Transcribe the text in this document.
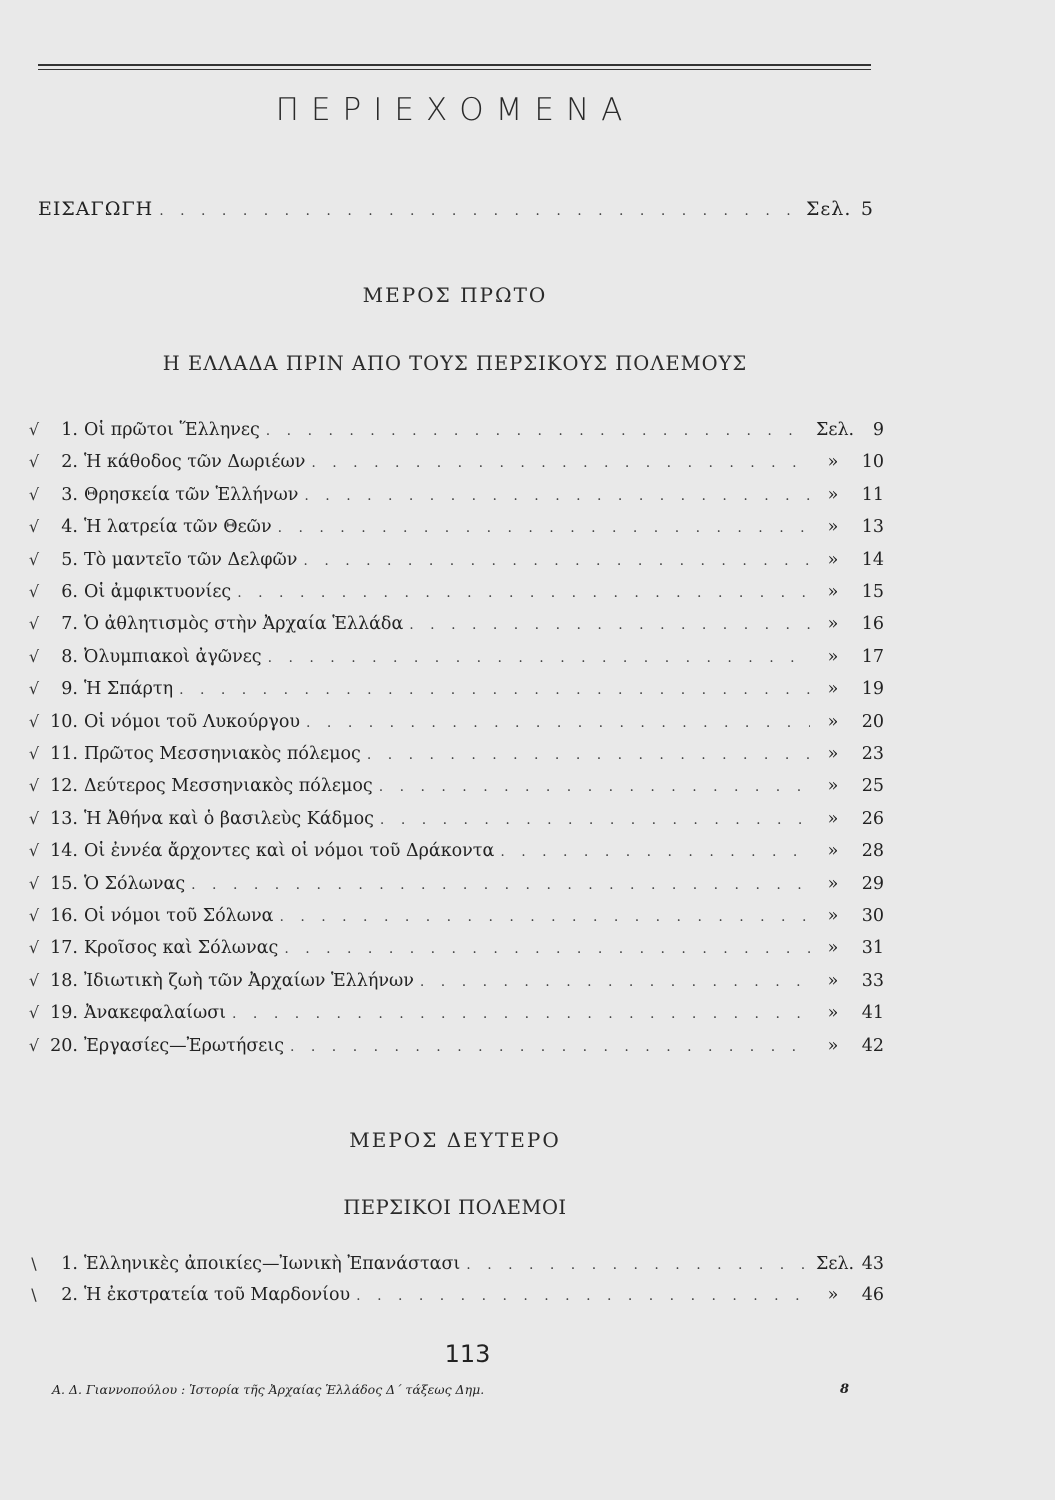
ΠΕΡΙΕΧΟΜΕΝΑ
ΕΙΣΑΓΩΓΗ . . .	Σελ. 5
ΜΕΡΟΣ ΠΡΩΤΟ
Η ΕΛΛΑΔΑ ΠΡΙΝ ΑΠΟ ΤΟΥΣ ΠΕΡΣΙΚΟΥΣ ΠΟΛΕΜΟΥΣ
√	1 . Οἱ πρῶτοι Ἕλληνες . . .	Σελ.	9
√	2 . Ἡ κάθοδος τῶν Δωριέων . . .	»	10
√	3 . Θρησκεία τῶν Ἑλλήνων . . .	»	11
√	4 . Ἡ λατρεία τῶν Θεῶν . . .	»	13
√	5 . Τὸ μαντεῖο τῶν Δελφῶν . . .	»	14
√	6 . Οἱ ἀμφικτυονίες . . .	»	15
√	7 . Ὁ ἀθλητισμὸς στὴν Ἀρχαία Ἑλλάδα . . .	»	16
√	8 . Ὀλυμπιακοὶ ἀγῶνες . . .	»	17
√	9 . Ἡ Σπάρτη . . .	»	19
√ 10 . Οἱ νόμοι τοῦ Λυκούργου . . .	»	20
√ 11 . Πρῶτος Μεσσηνιακὸς πόλεμος . . .	»	23
√ 12 . Δεύτερος Μεσσηνιακὸς πόλεμος . . .	»	25
√ 13 . Ἡ Ἀθήνα καὶ ὁ βασιλεὺς Κάδμος . . .	»	26
√ 14 . Οἱ ἐννέα ἄρχοντες καὶ οἱ νόμοι τοῦ Δράκοντα . . .	»	28
√ 15 . Ὁ Σόλωνας . . .	»	29
√ 16 . Οἱ νόμοι τοῦ Σόλωνα . . .	»	30
√ 17 . Κροῖσος καὶ Σόλωνας . . .	»	31
√ 18 . Ἰδιωτικὴ ζωὴ τῶν Ἀρχαίων Ἑλλήνων . . .	»	33
√ 19 . Ἀνακεφαλαίωσι . . .	»	41
√ 20 . Ἐργασίες—Ἐρωτήσεις . . .	»	42
ΜΕΡΟΣ ΔΕΥΤΕΡΟ
ΠΕΡΣΙΚΟΙ ΠΟΛΕΜΟΙ
\	1 . Ἑλληνικὲς ἀποικίες—Ἰωνικὴ Ἐπανάστασι . . .	Σελ. 43
\	2 . Ἡ ἐκστρατεία τοῦ Μαρδονίου . . .	»	46
113
Α. Δ. Γιαννοπούλου : Ἱστορία τῆς Ἀρχαίας Ἑλλάδος Δ΄ τάξεως Δημ.	8
